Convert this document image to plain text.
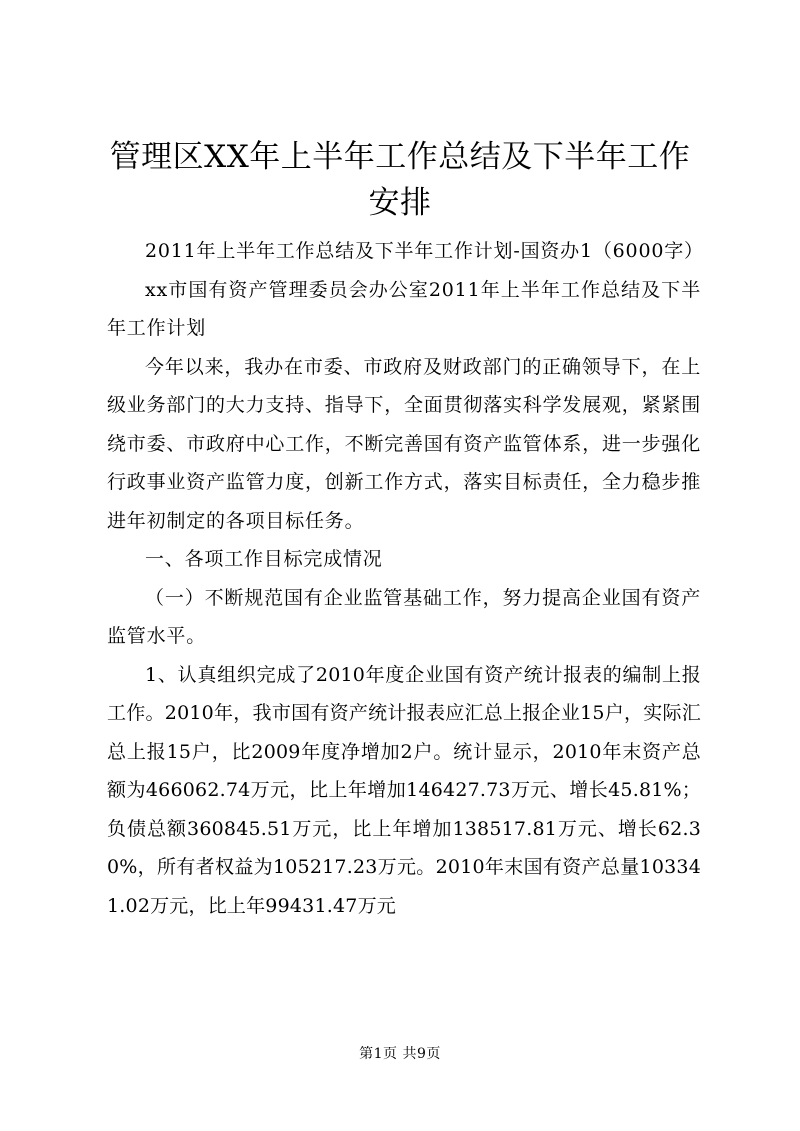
管理区XX年上半年工作总结及下半年工作安排

2011年上半年工作总结及下半年工作计划-国资办1（6000字）

xx市国有资产管理委员会办公室2011年上半年工作总结及下半年工作计划

今年以来，我办在市委、市政府及财政部门的正确领导下，在上级业务部门的大力支持、指导下，全面贯彻落实科学发展观，紧紧围绕市委、市政府中心工作，不断完善国有资产监管体系，进一步强化行政事业资产监管力度，创新工作方式，落实目标责任，全力稳步推进年初制定的各项目标任务。

一、各项工作目标完成情况

（一）不断规范国有企业监管基础工作，努力提高企业国有资产监管水平。

1、认真组织完成了2010年度企业国有资产统计报表的编制上报工作。2010年，我市国有资产统计报表应汇总上报企业15户，实际汇总上报15户，比2009年度净增加2户。统计显示，2010年末资产总额为466062.74万元，比上年增加146427.73万元、增长45.81%；负债总额360845.51万元，比上年增加138517.81万元、增长62.30%，所有者权益为105217.23万元。2010年末国有资产总量103341.02万元，比上年99431.47万元

第1页 共9页
